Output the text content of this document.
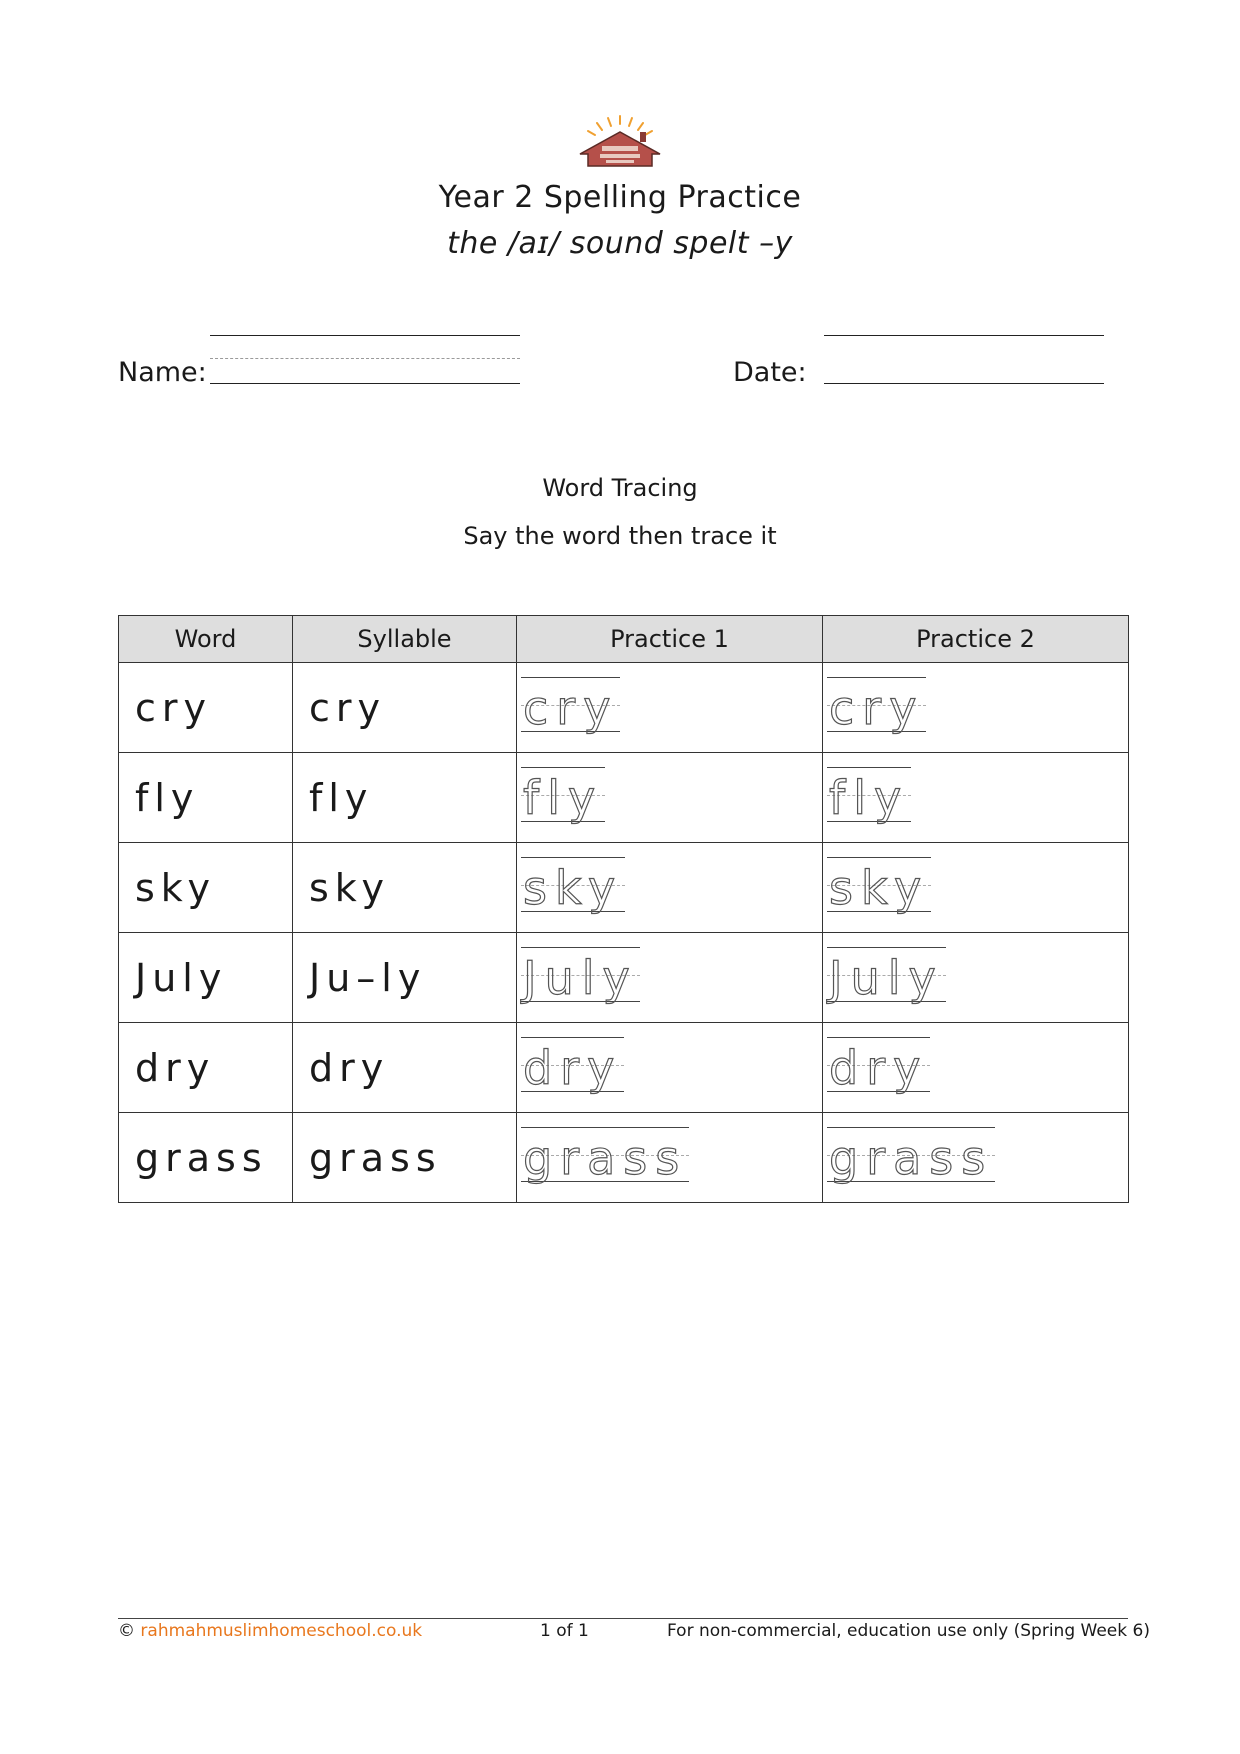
Year 2 Spelling Practice
the /aɪ/ sound spelt –y
Name:	Date:
Word Tracing
Say the word then trace it
Word	Syllable	Practice 1	Practice 2
cry	cry	cry	cry

fly	fly	fly	fly

sky	sky	sky	sky

July	Ju–ly	July	July

dry	dry	dry	dry

grass	grass	grass	grass
© rahmahmuslimhomeschool.co.uk	1 of 1	For non-commercial, education use only (Spring Week 6)
